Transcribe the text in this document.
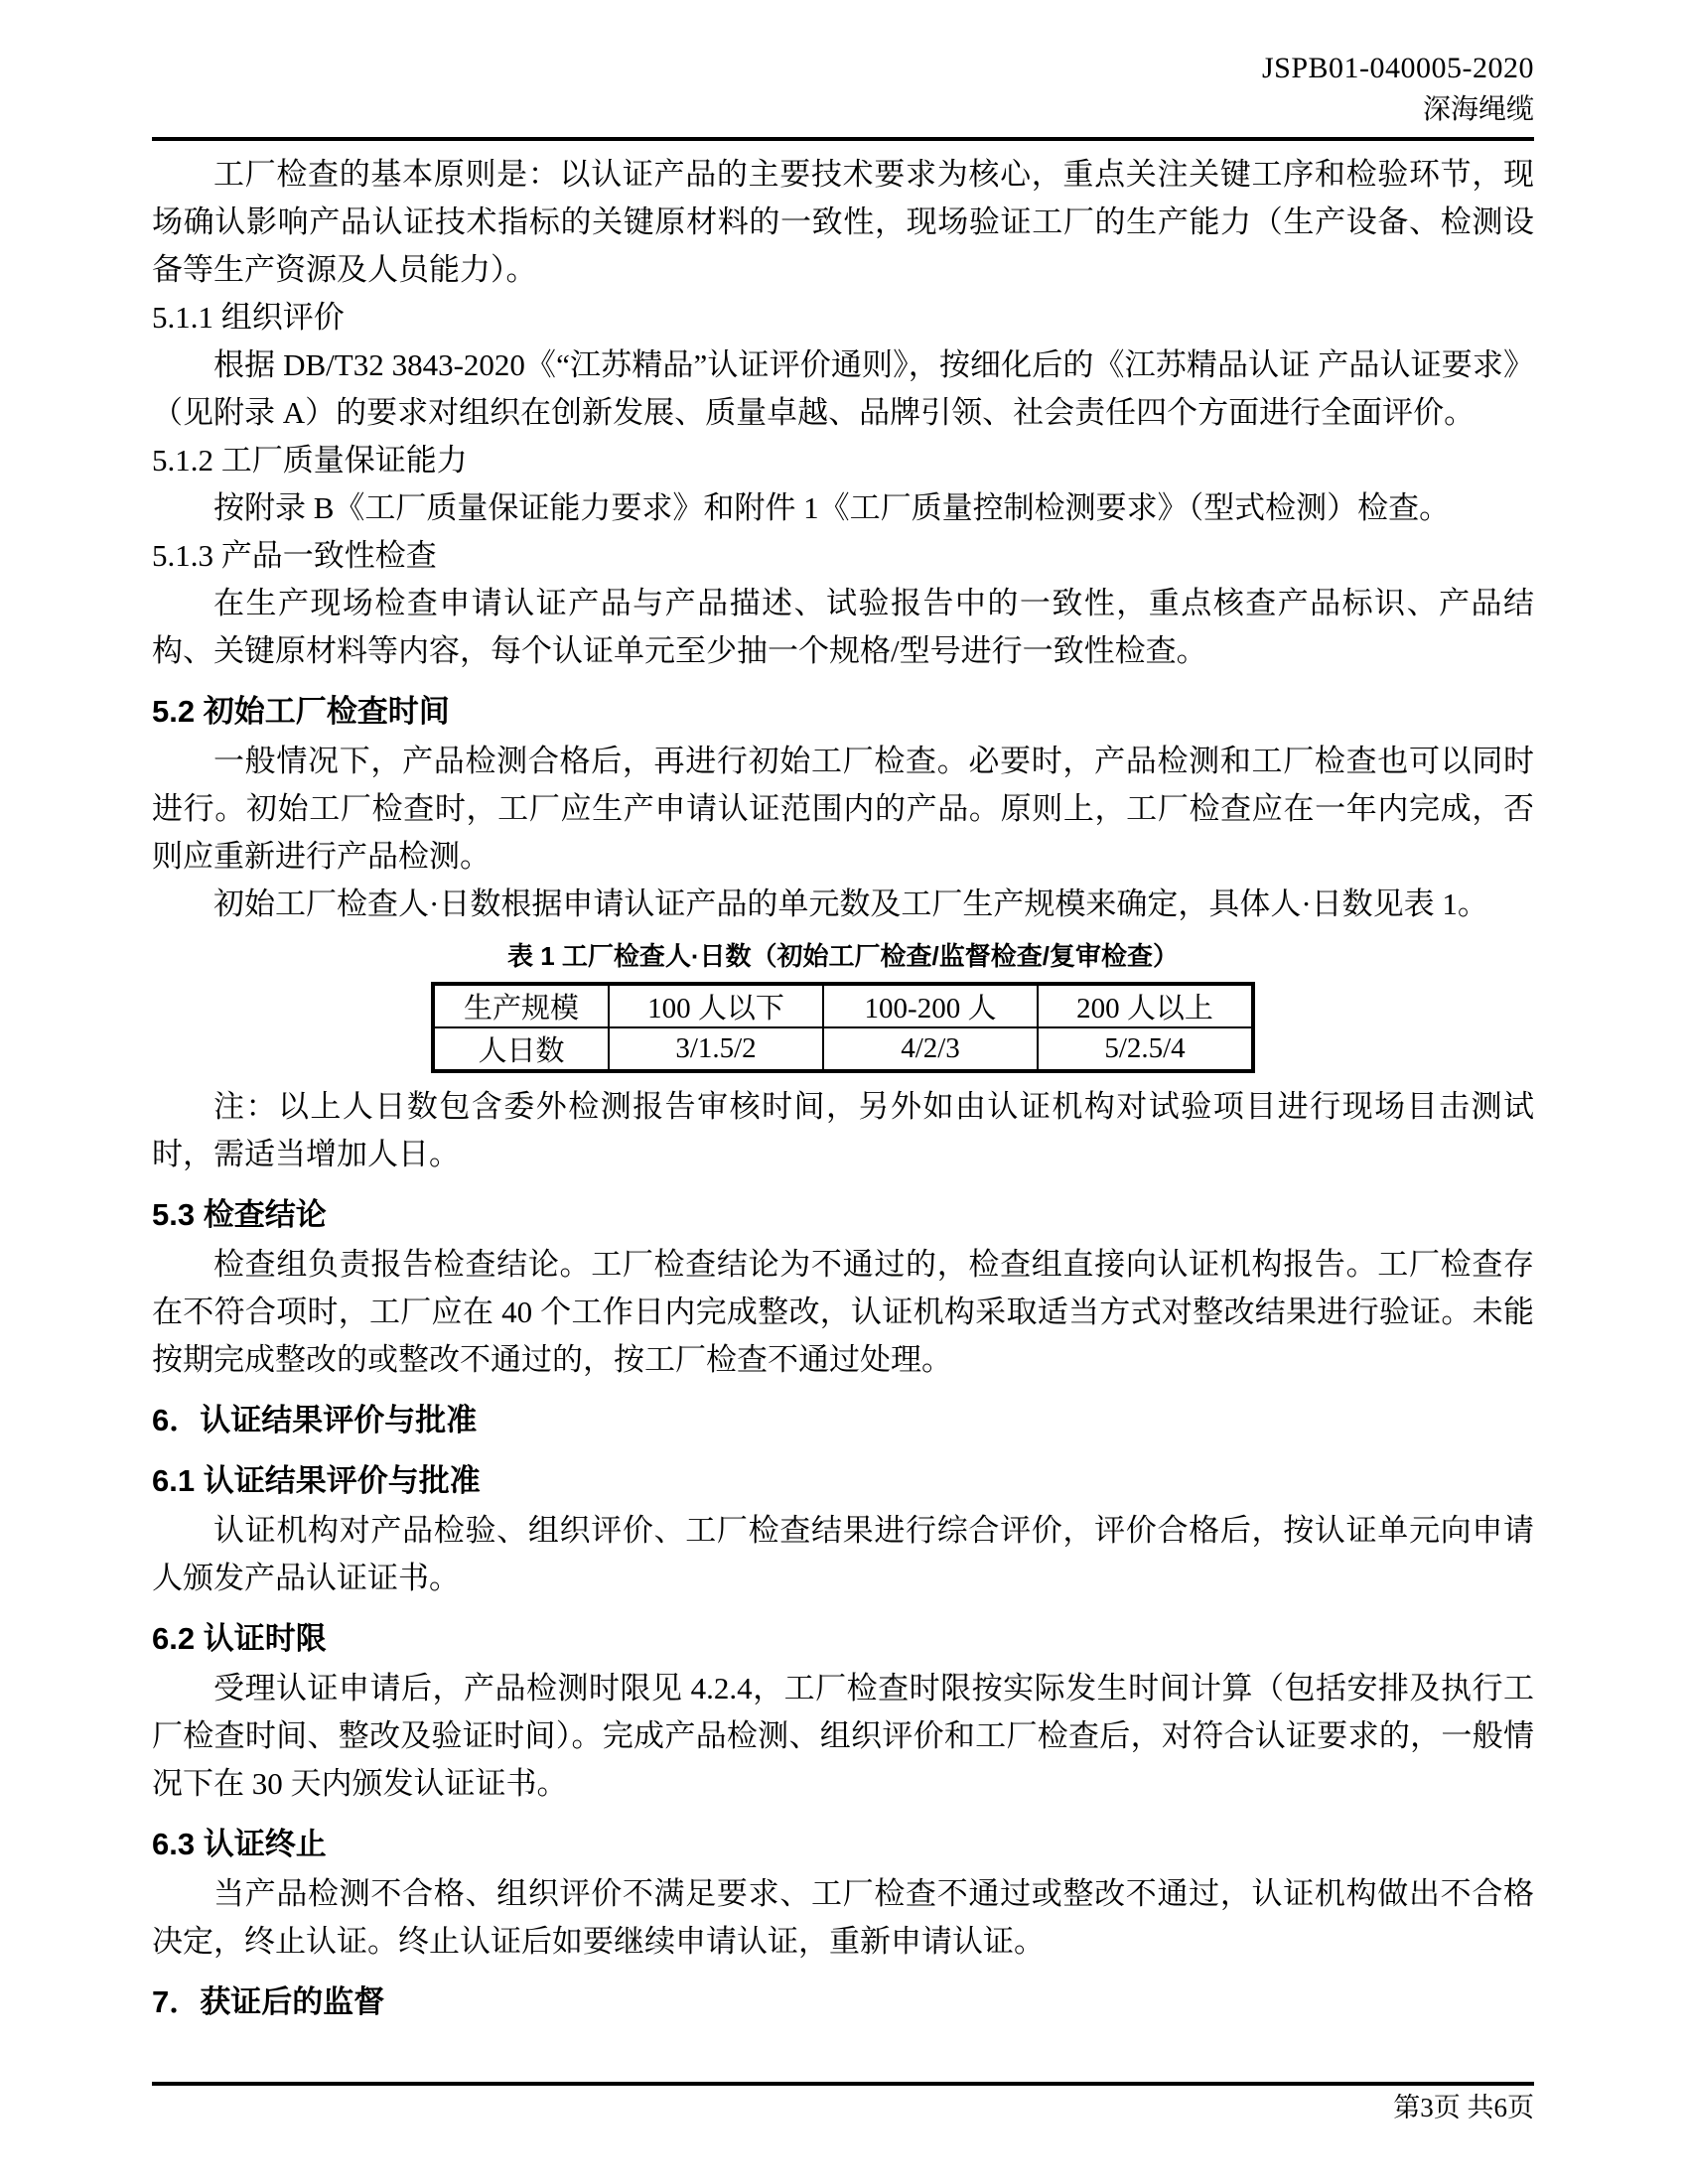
JSPB01-040005-2020
深海绳缆

工厂检查的基本原则是：以认证产品的主要技术要求为核心，重点关注关键工序和检验环节，现场确认影响产品认证技术指标的关键原材料的一致性，现场验证工厂的生产能力（生产设备、检测设备等生产资源及人员能力）。

5.1.1 组织评价

根据 DB/T32 3843-2020《“江苏精品”认证评价通则》，按细化后的《江苏精品认证 产品认证要求》（见附录 A）的要求对组织在创新发展、质量卓越、品牌引领、社会责任四个方面进行全面评价。

5.1.2 工厂质量保证能力

按附录 B《工厂质量保证能力要求》和附件 1《工厂质量控制检测要求》（型式检测）检查。

5.1.3 产品一致性检查

在生产现场检查申请认证产品与产品描述、试验报告中的一致性，重点核查产品标识、产品结构、关键原材料等内容，每个认证单元至少抽一个规格/型号进行一致性检查。

5.2 初始工厂检查时间

一般情况下，产品检测合格后，再进行初始工厂检查。必要时，产品检测和工厂检查也可以同时进行。初始工厂检查时，工厂应生产申请认证范围内的产品。原则上，工厂检查应在一年内完成，否则应重新进行产品检测。

初始工厂检查人·日数根据申请认证产品的单元数及工厂生产规模来确定，具体人·日数见表 1。

表 1 工厂检查人·日数（初始工厂检查/监督检查/复审检查）

生产规模	100 人以下	100-200 人	200 人以上
人日数	3/1.5/2	4/2/3	5/2.5/4

注：以上人日数包含委外检测报告审核时间，另外如由认证机构对试验项目进行现场目击测试时，需适当增加人日。

5.3 检查结论

检查组负责报告检查结论。工厂检查结论为不通过的，检查组直接向认证机构报告。工厂检查存在不符合项时，工厂应在 40 个工作日内完成整改，认证机构采取适当方式对整改结果进行验证。未能按期完成整改的或整改不通过的，按工厂检查不通过处理。

6．认证结果评价与批准

6.1 认证结果评价与批准

认证机构对产品检验、组织评价、工厂检查结果进行综合评价，评价合格后，按认证单元向申请人颁发产品认证证书。

6.2 认证时限

受理认证申请后，产品检测时限见 4.2.4，工厂检查时限按实际发生时间计算（包括安排及执行工厂检查时间、整改及验证时间）。完成产品检测、组织评价和工厂检查后，对符合认证要求的，一般情况下在 30 天内颁发认证证书。

6.3 认证终止

当产品检测不合格、组织评价不满足要求、工厂检查不通过或整改不通过，认证机构做出不合格决定，终止认证。终止认证后如要继续申请认证，重新申请认证。

7．获证后的监督

第3页 共6页
